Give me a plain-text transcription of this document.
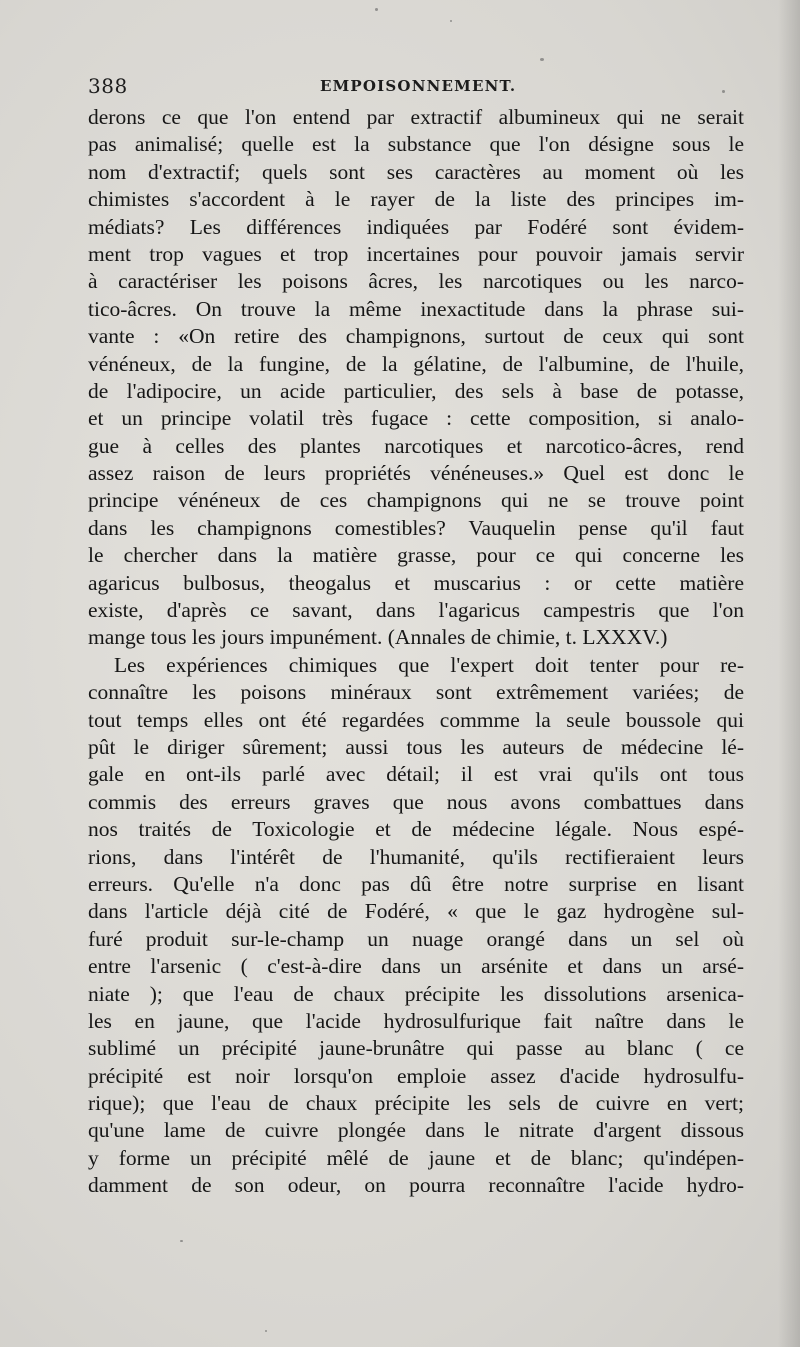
388	EMPOISONNEMENT.
derons ce que l'on entend par extractif albumineux qui ne serait
pas animalisé; quelle est la substance que l'on désigne sous le
nom d'extractif; quels sont ses caractères au moment où les
chimistes s'accordent à le rayer de la liste des principes im-
médiats? Les différences indiquées par Fodéré sont évidem-
ment trop vagues et trop incertaines pour pouvoir jamais servir
à caractériser les poisons âcres, les narcotiques ou les narco-
tico-âcres. On trouve la même inexactitude dans la phrase sui-
vante : «On retire des champignons, surtout de ceux qui sont
vénéneux, de la fungine, de la gélatine, de l'albumine, de l'huile,
de l'adipocire, un acide particulier, des sels à base de potasse,
et un principe volatil très fugace : cette composition, si analo-
gue à celles des plantes narcotiques et narcotico-âcres, rend
assez raison de leurs propriétés vénéneuses.» Quel est donc le
principe vénéneux de ces champignons qui ne se trouve point
dans les champignons comestibles? Vauquelin pense qu'il faut
le chercher dans la matière grasse, pour ce qui concerne les
agaricus bulbosus, theogalus et muscarius : or cette matière
existe, d'après ce savant, dans l'agaricus campestris que l'on
mange tous les jours impunément. (Annales de chimie, t. LXXXV.)
Les expériences chimiques que l'expert doit tenter pour re-
connaître les poisons minéraux sont extrêmement variées; de
tout temps elles ont été regardées commme la seule boussole qui
pût le diriger sûrement; aussi tous les auteurs de médecine lé-
gale en ont-ils parlé avec détail; il est vrai qu'ils ont tous
commis des erreurs graves que nous avons combattues dans
nos traités de Toxicologie et de médecine légale. Nous espé-
rions, dans l'intérêt de l'humanité, qu'ils rectifieraient leurs
erreurs. Qu'elle n'a donc pas dû être notre surprise en lisant
dans l'article déjà cité de Fodéré, « que le gaz hydrogène sul-
furé produit sur-le-champ un nuage orangé dans un sel où
entre l'arsenic ( c'est-à-dire dans un arsénite et dans un arsé-
niate ); que l'eau de chaux précipite les dissolutions arsenica-
les en jaune, que l'acide hydrosulfurique fait naître dans le
sublimé un précipité jaune-brunâtre qui passe au blanc ( ce
précipité est noir lorsqu'on emploie assez d'acide hydrosulfu-
rique); que l'eau de chaux précipite les sels de cuivre en vert;
qu'une lame de cuivre plongée dans le nitrate d'argent dissous
y forme un précipité mêlé de jaune et de blanc; qu'indépen-
damment de son odeur, on pourra reconnaître l'acide hydro-
